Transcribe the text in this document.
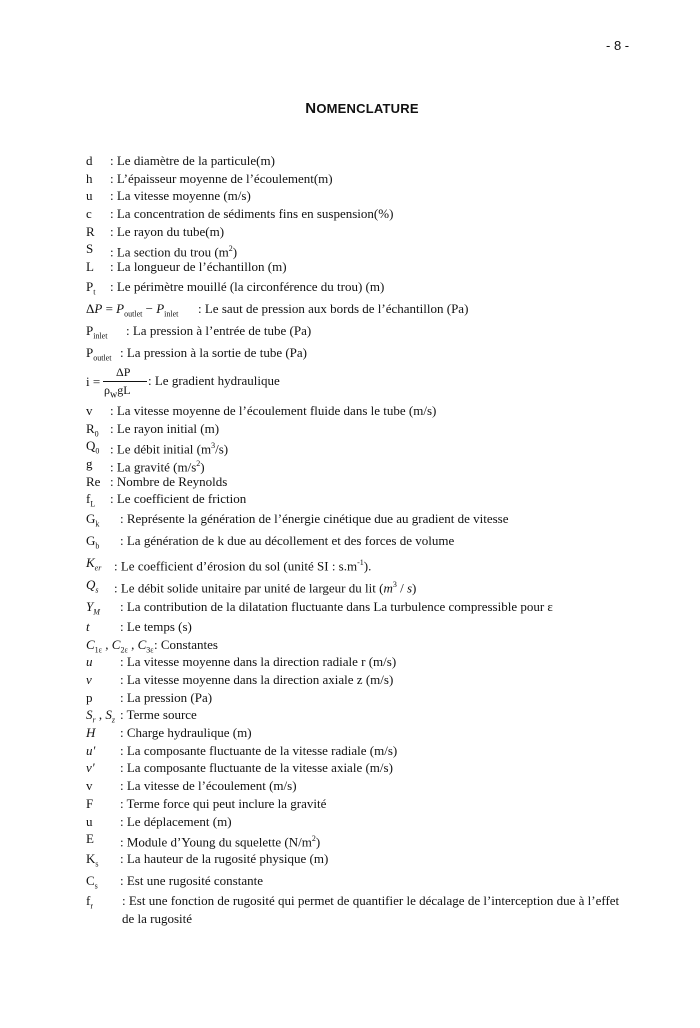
- 8 -
NOMENCLATURE
d : Le diamètre de la particule(m)
h : L’épaisseur moyenne de l’écoulement(m)
u : La vitesse moyenne (m/s)
c : La concentration de sédiments fins en suspension(%)
R : Le rayon du tube(m)
S : La section du trou $(m^2)$
L : La longueur de l’échantillon (m)
$P_t$ : Le périmètre mouillé (la circonférence du trou) (m)
$\Delta P = P_{outlet} - P_{inlet}$ : Le saut de pression aux bords de l’échantillon (Pa)
$P_{inlet}$ : La pression à l’entrée de tube (Pa)
$P_{outlet}$ : La pression à la sortie de tube (Pa)
i =
ΔP
$\rho_wgL$
: Le gradient hydraulique
v : La vitesse moyenne de l’écoulement fluide dans le tube (m/s)
$R_0$ : Le rayon initial (m)
$Q_0$ : Le débit initial $(m^3/s)$
g : La gravité $(m/s^2)$
Re : Nombre de Reynolds
$f_L$ : Le coefficient de friction
$G_k$ : Représente la génération de l’énergie cinétique due au gradient de vitesse
$G_b$ : La génération de k due au décollement et des forces de volume
$K_{er}$ : Le coefficient d’érosion du sol (unité SI : $s.m^{-1}$).
$Q_s$ : Le débit solide unitaire par unité de largeur du lit $(m^3 / s)$
$Y_M$ : La contribution de la dilatation fluctuante dans La turbulence compressible pour ε
t : Le temps (s)
$C_{1\varepsilon}$ , $C_{2\varepsilon}$ , $C_{3\varepsilon}$ : Constantes
u : La vitesse moyenne dans la direction radiale r (m/s)
v : La vitesse moyenne dans la direction axiale z (m/s)
p : La pression (Pa)
$S_r$ , $S_z$ : Terme source
H : Charge hydraulique (m)
u' : La composante fluctuante de la vitesse radiale (m/s)
v' : La composante fluctuante de la vitesse axiale (m/s)
v : La vitesse de l’écoulement (m/s)
F : Terme force qui peut inclure la gravité
u : Le déplacement (m)
E : Module d’Young du squelette $(N/m^2)$
$K_s$ : La hauteur de la rugosité physique (m)
$C_s$ : Est une rugosité constante
$f_r$ : Est une fonction de rugosité qui permet de quantifier le décalage de l’interception due à l’effet de la rugosité
